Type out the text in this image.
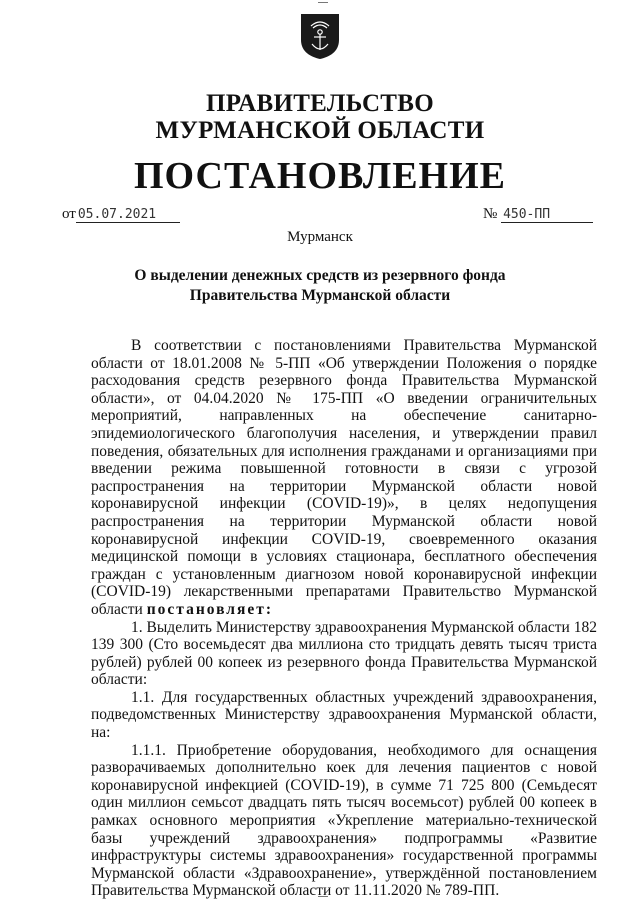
ПРАВИТЕЛЬСТВО
МУРМАНСКОЙ ОБЛАСТИ
ПОСТАНОВЛЕНИЕ
от 05.07.2021	№ 450-ПП
Мурманск
О выделении денежных средств из резервного фонда
Правительства Мурманской области

В соответствии с постановлениями Правительства Мурманской области от 18.01.2008 № 5-ПП «Об утверждении Положения о порядке расходования средств резервного фонда Правительства Мурманской области», от 04.04.2020 № 175-ПП «О введении ограничительных мероприятий, направленных на обеспечение санитарно-эпидемиологического благополучия населения, и утверждении правил поведения, обязательных для исполнения гражданами и организациями при введении режима повышенной готовности в связи с угрозой распространения на территории Мурманской области новой коронавирусной инфекции (COVID-19)», в целях недопущения распространения на территории Мурманской области новой коронавирусной инфекции COVID-19, своевременного оказания медицинской помощи в условиях стационара, бесплатного обеспечения граждан с установленным диагнозом новой коронавирусной инфекции (COVID-19) лекарственными препаратами Правительство Мурманской области постановляет:

1. Выделить Министерству здравоохранения Мурманской области 182 139 300 (Сто восемьдесят два миллиона сто тридцать девять тысяч триста рублей) рублей 00 копеек из резервного фонда Правительства Мурманской области:

1.1. Для государственных областных учреждений здравоохранения, подведомственных Министерству здравоохранения Мурманской области, на:

1.1.1. Приобретение оборудования, необходимого для оснащения разворачиваемых дополнительно коек для лечения пациентов с новой коронавирусной инфекцией (COVID-19), в сумме 71 725 800 (Семьдесят один миллион семьсот двадцать пять тысяч восемьсот) рублей 00 копеек в рамках основного мероприятия «Укрепление материально-технической базы учреждений здравоохранения» подпрограммы «Развитие инфраструктуры системы здравоохранения» государственной программы Мурманской области «Здравоохранение», утверждённой постановлением Правительства Мурманской области от 11.11.2020 № 789-ПП.
